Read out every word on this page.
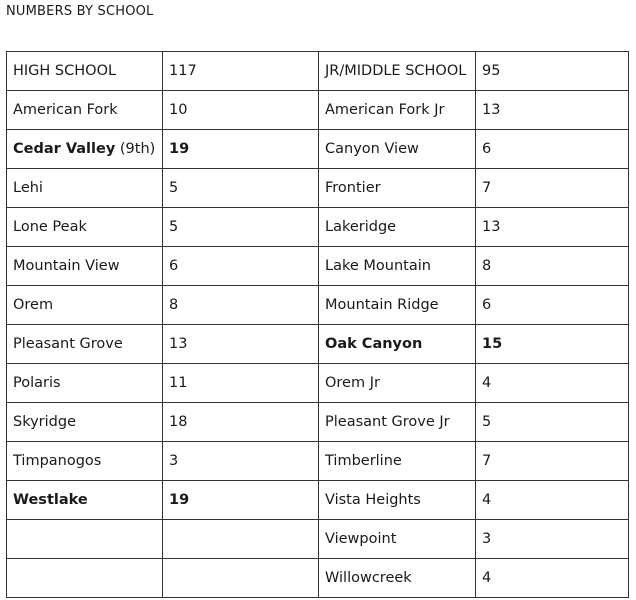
NUMBERS BY SCHOOL
HIGH SCHOOL	117	JR/MIDDLE SCHOOL	95
American Fork	10	American Fork Jr	13
Cedar Valley (9th)	19	Canyon View	6
Lehi	5	Frontier	7
Lone Peak	5	Lakeridge	13
Mountain View	6	Lake Mountain	8
Orem	8	Mountain Ridge	6
Pleasant Grove	13	Oak Canyon	15
Polaris	11	Orem Jr	4
Skyridge	18	Pleasant Grove Jr	5
Timpanogos	3	Timberline	7
Westlake	19	Vista Heights	4
		Viewpoint	3
		Willowcreek	4
